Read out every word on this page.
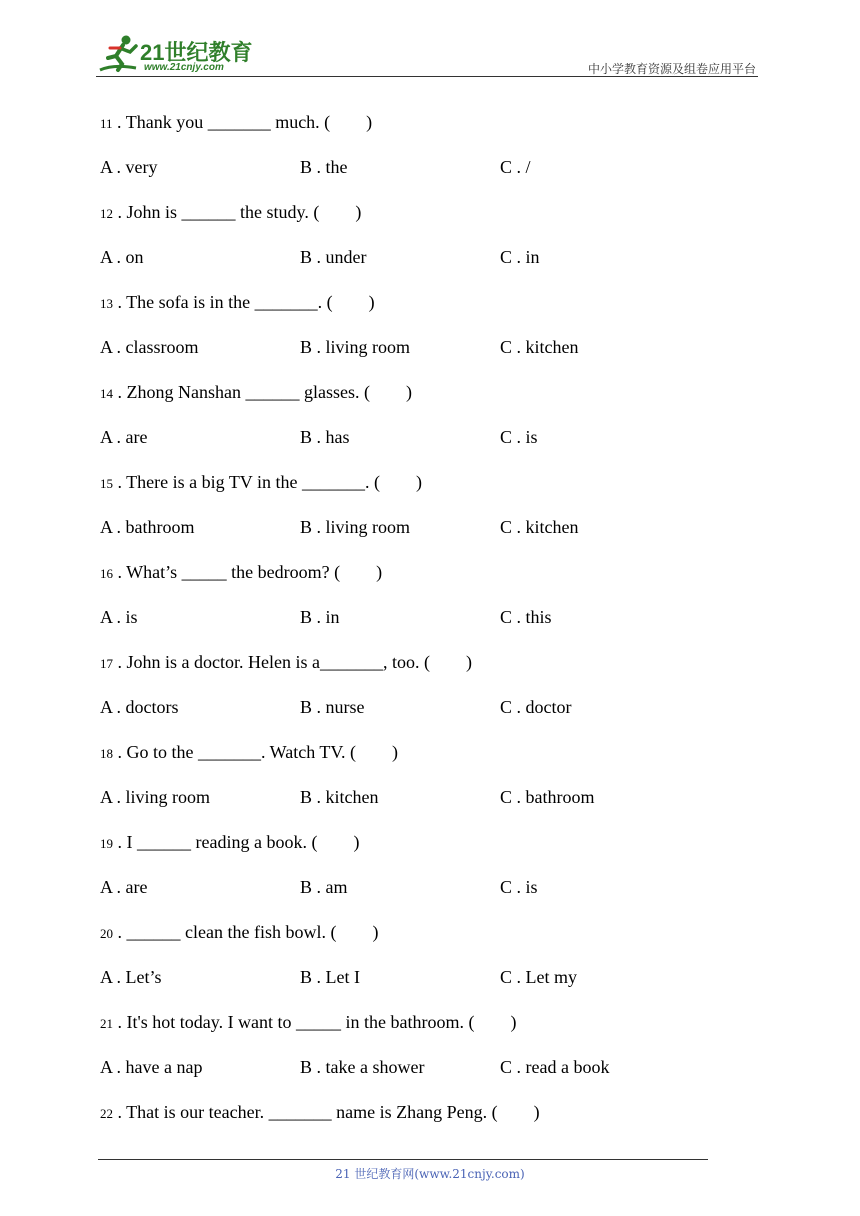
21世纪教育
www.21cnjy.com	中小学教育资源及组卷应用平台
11 . Thank you _______ much. (　　)
A . very	B . the	C . /
12 . John is ______ the study. (　　)
A . on	B . under	C . in
13 . The sofa is in the _______. (　　)
A . classroom	B . living room	C . kitchen
14 . Zhong Nanshan ______ glasses. (　　)
A . are	B . has	C . is
15 . There is a big TV in the _______. (　　)
A . bathroom	B . living room	C . kitchen
16 . What’s _____ the bedroom? (　　)
A . is	B . in	C . this
17 . John is a doctor. Helen is a_______, too. (　　)
A . doctors	B . nurse	C . doctor
18 . Go to the _______. Watch TV. (　　)
A . living room	B . kitchen	C . bathroom
19 . I ______ reading a book. (　　)
A . are	B . am	C . is
20 . ______ clean the fish bowl. (　　)
A . Let’s	B . Let I	C . Let my
21 . It's hot today. I want to _____ in the bathroom. (　　)
A . have a nap	B . take a shower	C . read a book
22 . That is our teacher. _______ name is Zhang Peng. (　　)
21 世纪教育网(www.21cnjy.com)
